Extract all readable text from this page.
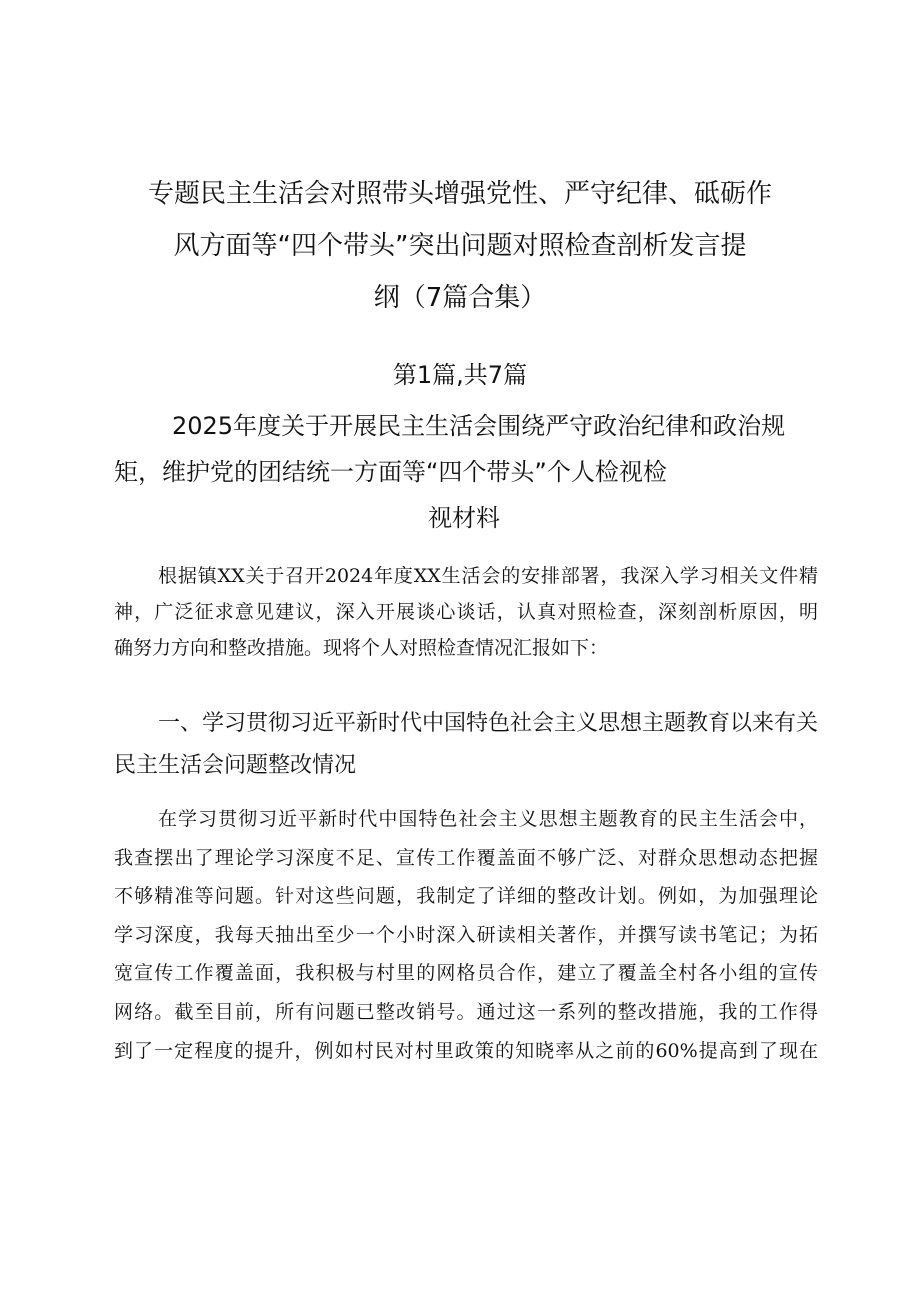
专题民主生活会对照带头增强党性、严守纪律、砥砺作
风方面等“四个带头”突出问题对照检查剖析发言提
纲（7篇合集）
第1篇,共7篇
2025年度关于开展民主生活会围绕严守政治纪律和政治规
矩，维护党的团结统一方面等“四个带头”个人检视检
视材料

根据镇XX关于召开2024年度XX生活会的安排部署，我深入学习相关文件精
神，广泛征求意见建议，深入开展谈心谈话，认真对照检查，深刻剖析原因，明
确努力方向和整改措施。现将个人对照检查情况汇报如下：

一、学习贯彻习近平新时代中国特色社会主义思想主题教育以来有关
民主生活会问题整改情况

在学习贯彻习近平新时代中国特色社会主义思想主题教育的民主生活会中，
我查摆出了理论学习深度不足、宣传工作覆盖面不够广泛、对群众思想动态把握
不够精准等问题。针对这些问题，我制定了详细的整改计划。例如，为加强理论
学习深度，我每天抽出至少一个小时深入研读相关著作，并撰写读书笔记；为拓
宽宣传工作覆盖面，我积极与村里的网格员合作，建立了覆盖全村各小组的宣传
网络。截至目前，所有问题已整改销号。通过这一系列的整改措施，我的工作得
到了一定程度的提升，例如村民对村里政策的知晓率从之前的60%提高到了现在
